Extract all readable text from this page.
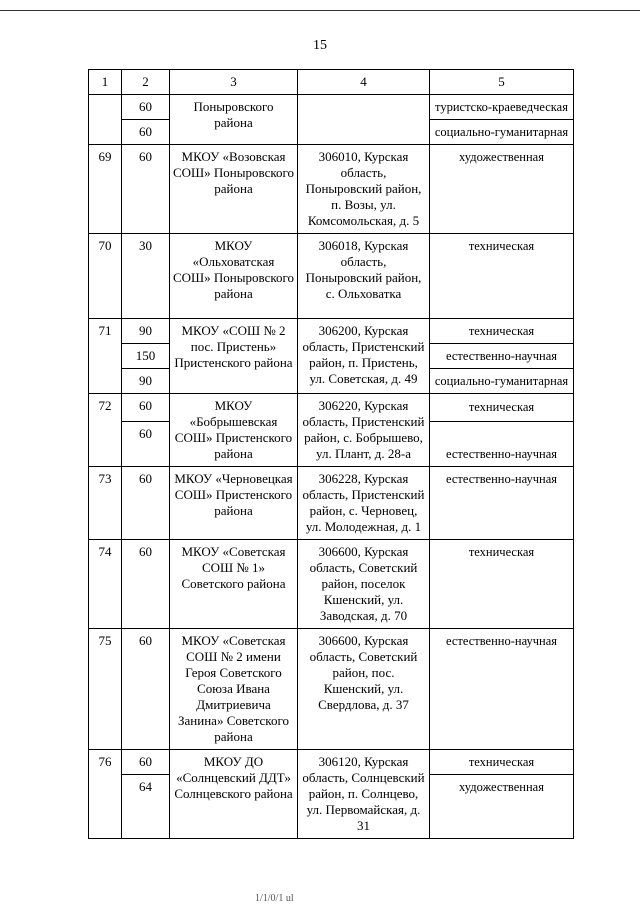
15
1	2	3	4	5
	60	Поныровского района		туристско-краеведческая
	60			социально-гуманитарная
69	60	МКОУ «Возовская СОШ» Поныровского района	306010, Курская область, Поныровский район, п. Возы, ул. Комсомольская, д. 5	художественная
70	30	МКОУ «Ольховатская СОШ» Поныровского района	306018, Курская область, Поныровский район, с. Ольховатка	техническая
71	90	МКОУ «СОШ № 2 пос. Пристень» Пристенского района	306200, Курская область, Пристенский район, п. Пристень, ул. Советская, д. 49	техническая
	150			естественно-научная
	90			социально-гуманитарная
72	60	МКОУ «Бобрышевская СОШ» Пристенского района	306220, Курская область, Пристенский район, с. Бобрышево, ул. Плант, д. 28-а	техническая
	60			естественно-научная
73	60	МКОУ «Черновецкая СОШ» Пристенского района	306228, Курская область, Пристенский район, с. Черновец, ул. Молодежная, д. 1	естественно-научная
74	60	МКОУ «Советская СОШ № 1» Советского района	306600, Курская область, Советский район, поселок Кшенский, ул. Заводская, д. 70	техническая
75	60	МКОУ «Советская СОШ № 2 имени Героя Советского Союза Ивана Дмитриевича Занина» Советского района	306600, Курская область, Советский район, пос. Кшенский, ул. Свердлова, д. 37	естественно-научная
76	60	МКОУ ДО «Солнцевский ДДТ» Солнцевского района	306120, Курская область, Солнцевский район, п. Солнцево, ул. Первомайская, д. 31	техническая
	64			художественная
1/1/0/1 ul
